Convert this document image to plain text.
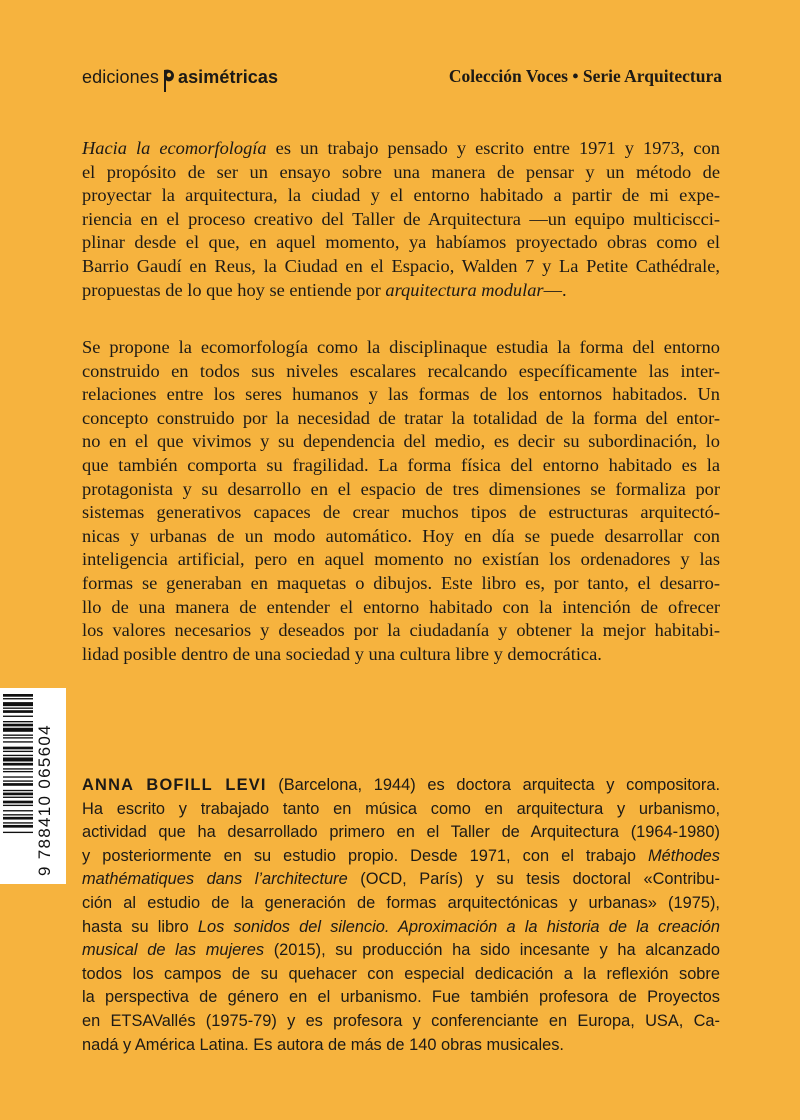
ediciones asimétricas	Colección Voces • Serie Arquitectura
Hacia la ecomorfología es un trabajo pensado y escrito entre 1971 y 1973, con
el propósito de ser un ensayo sobre una manera de pensar y un método de
proyectar la arquitectura, la ciudad y el entorno habitado a partir de mi expe-
riencia en el proceso creativo del Taller de Arquitectura —un equipo multiciscci-
plinar desde el que, en aquel momento, ya habíamos proyectado obras como el
Barrio Gaudí en Reus, la Ciudad en el Espacio, Walden 7 y La Petite Cathédrale,
propuestas de lo que hoy se entiende por arquitectura modular—.
Se propone la ecomorfología como la disciplinaque estudia la forma del entorno
construido en todos sus niveles escalares recalcando específicamente las inter-
relaciones entre los seres humanos y las formas de los entornos habitados. Un
concepto construido por la necesidad de tratar la totalidad de la forma del entor-
no en el que vivimos y su dependencia del medio, es decir su subordinación, lo
que también comporta su fragilidad. La forma física del entorno habitado es la
protagonista y su desarrollo en el espacio de tres dimensiones se formaliza por
sistemas generativos capaces de crear muchos tipos de estructuras arquitectó-
nicas y urbanas de un modo automático. Hoy en día se puede desarrollar con
inteligencia artificial, pero en aquel momento no existían los ordenadores y las
formas se generaban en maquetas o dibujos. Este libro es, por tanto, el desarro-
llo de una manera de entender el entorno habitado con la intención de ofrecer
los valores necesarios y deseados por la ciudadanía y obtener la mejor habitabi-
lidad posible dentro de una sociedad y una cultura libre y democrática.
9 788410 065604 ANNA BOFILL LEVI (Barcelona, 1944) es doctora arquitecta y compositora.
Ha escrito y trabajado tanto en música como en arquitectura y urbanismo,
actividad que ha desarrollado primero en el Taller de Arquitectura (1964-1980)
y posteriormente en su estudio propio. Desde 1971, con el trabajo Méthodes
mathématiques dans l’architecture (OCD, París) y su tesis doctoral «Contribu-
ción al estudio de la generación de formas arquitectónicas y urbanas» (1975),
hasta su libro Los sonidos del silencio. Aproximación a la historia de la creación
musical de las mujeres (2015), su producción ha sido incesante y ha alcanzado
todos los campos de su quehacer con especial dedicación a la reflexión sobre
la perspectiva de género en el urbanismo. Fue también profesora de Proyectos
en ETSAVallés (1975-79) y es profesora y conferenciante en Europa, USA, Ca-
nadá y América Latina. Es autora de más de 140 obras musicales.
